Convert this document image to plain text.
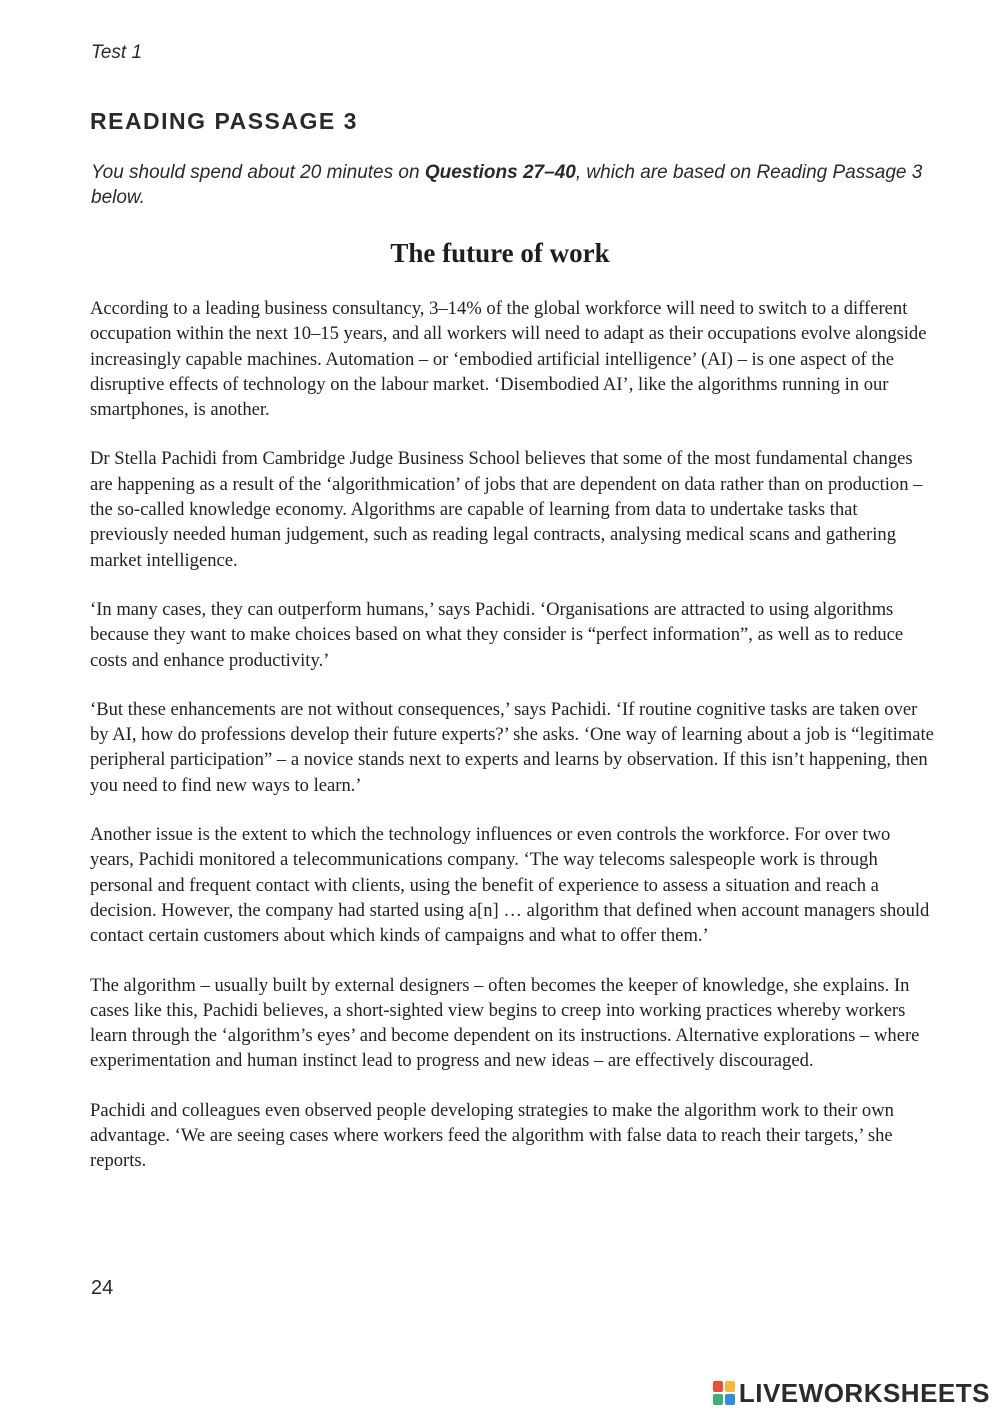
Test 1
READING PASSAGE 3
You should spend about 20 minutes on Questions 27–40, which are based on Reading Passage 3 below.
The future of work

According to a leading business consultancy, 3–14% of the global workforce will need to switch to a different occupation within the next 10–15 years, and all workers will need to adapt as their occupations evolve alongside increasingly capable machines. Automation – or ‘embodied artificial intelligence’ (AI) – is one aspect of the disruptive effects of technology on the labour market. ‘Disembodied AI’, like the algorithms running in our smartphones, is another.

Dr Stella Pachidi from Cambridge Judge Business School believes that some of the most fundamental changes are happening as a result of the ‘algorithmication’ of jobs that are dependent on data rather than on production – the so-called knowledge economy. Algorithms are capable of learning from data to undertake tasks that previously needed human judgement, such as reading legal contracts, analysing medical scans and gathering market intelligence.

‘In many cases, they can outperform humans,’ says Pachidi. ‘Organisations are attracted to using algorithms because they want to make choices based on what they consider is “perfect information”, as well as to reduce costs and enhance productivity.’

‘But these enhancements are not without consequences,’ says Pachidi. ‘If routine cognitive tasks are taken over by AI, how do professions develop their future experts?’ she asks. ‘One way of learning about a job is “legitimate peripheral participation” – a novice stands next to experts and learns by observation. If this isn’t happening, then you need to find new ways to learn.’

Another issue is the extent to which the technology influences or even controls the workforce. For over two years, Pachidi monitored a telecommunications company. ‘The way telecoms salespeople work is through personal and frequent contact with clients, using the benefit of experience to assess a situation and reach a decision. However, the company had started using a[n] … algorithm that defined when account managers should contact certain customers about which kinds of campaigns and what to offer them.’

The algorithm – usually built by external designers – often becomes the keeper of knowledge, she explains. In cases like this, Pachidi believes, a short-sighted view begins to creep into working practices whereby workers learn through the ‘algorithm’s eyes’ and become dependent on its instructions. Alternative explorations – where experimentation and human instinct lead to progress and new ideas – are effectively discouraged.

Pachidi and colleagues even observed people developing strategies to make the algorithm work to their own advantage. ‘We are seeing cases where workers feed the algorithm with false data to reach their targets,’ she reports.

24
LIVEWORKSHEETS
